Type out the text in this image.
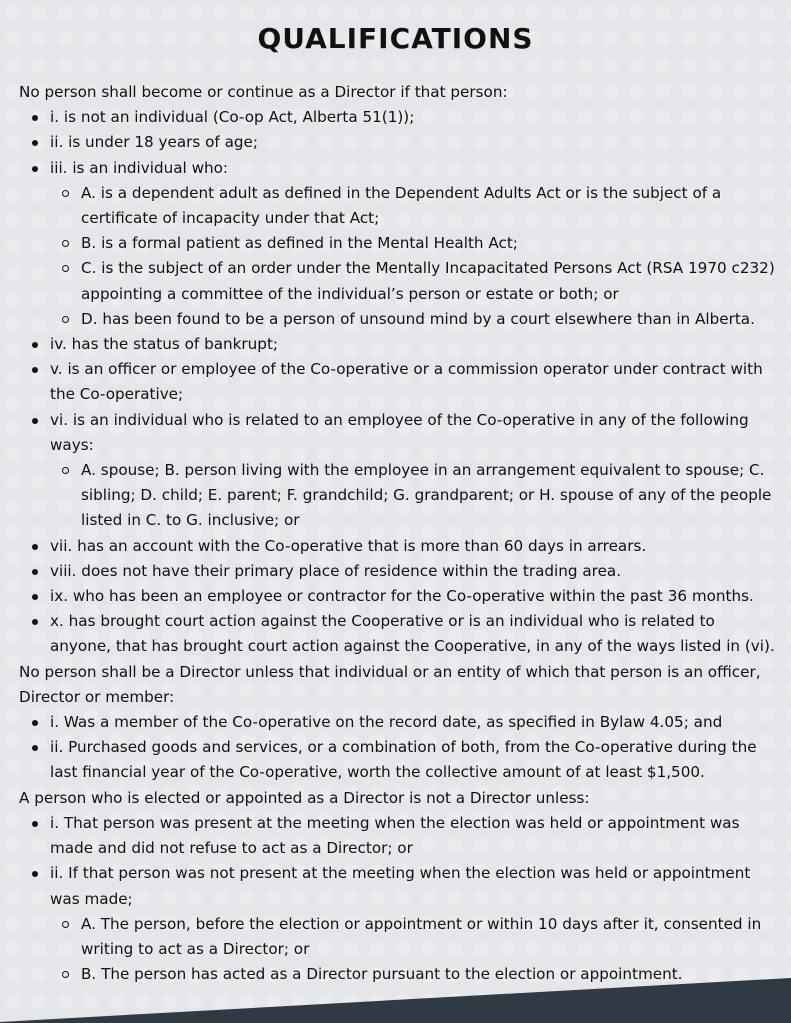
QUALIFICATIONS

No person shall become or continue as a Director if that person:

i. is not an individual (Co-op Act, Alberta 51(1));
ii. is under 18 years of age;
iii. is an individual who:
A. is a dependent adult as defined in the Dependent Adults Act or is the subject of a certificate of incapacity under that Act;
B. is a formal patient as defined in the Mental Health Act;
C. is the subject of an order under the Mentally Incapacitated Persons Act (RSA 1970 c232) appointing a committee of the individual’s person or estate or both; or
D. has been found to be a person of unsound mind by a court elsewhere than in Alberta.
iv. has the status of bankrupt;
v. is an officer or employee of the Co-operative or a commission operator under contract with the Co-operative;
vi. is an individual who is related to an employee of the Co-operative in any of the following ways:
A. spouse; B. person living with the employee in an arrangement equivalent to spouse; C. sibling; D. child; E. parent; F. grandchild; G. grandparent; or H. spouse of any of the people listed in C. to G. inclusive; or
vii. has an account with the Co-operative that is more than 60 days in arrears.
viii. does not have their primary place of residence within the trading area.
ix. who has been an employee or contractor for the Co-operative within the past 36 months.
x. has brought court action against the Cooperative or is an individual who is related to anyone, that has brought court action against the Cooperative, in any of the ways listed in (vi).

No person shall be a Director unless that individual or an entity of which that person is an officer, Director or member:

i. Was a member of the Co-operative on the record date, as specified in Bylaw 4.05; and
ii. Purchased goods and services, or a combination of both, from the Co-operative during the last financial year of the Co-operative, worth the collective amount of at least $1,500.

A person who is elected or appointed as a Director is not a Director unless:

i. That person was present at the meeting when the election was held or appointment was made and did not refuse to act as a Director; or
ii. If that person was not present at the meeting when the election was held or appointment was made;
A. The person, before the election or appointment or within 10 days after it, consented in writing to act as a Director; or
B. The person has acted as a Director pursuant to the election or appointment.
